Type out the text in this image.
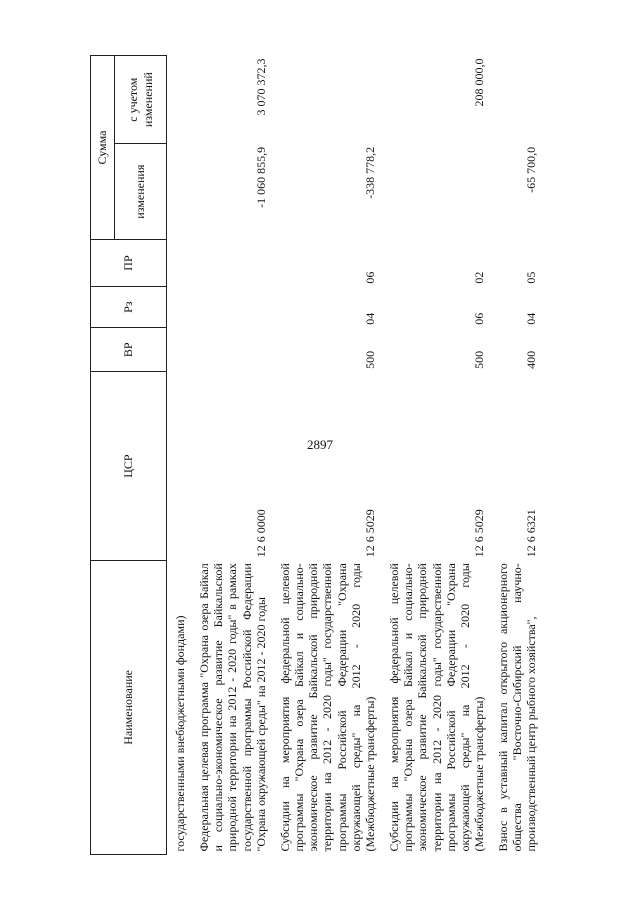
2897
Наименование	ЦСР	ВР	Рз	ПР	Сумма	
					изменения	с учетом изменений
государственными внебюджетными фондами)						
Федеральная целевая программа "Охрана озера Байкал и социально-экономическое развитие Байкальской природной территории на 2012 - 2020 годы" в рамках государственной программы Российской Федерации "Охрана окружающей среды" на 2012 - 2020 годы	12 6 0000				-1 060 855,9	3 070 372,3
Субсидии на мероприятия федеральной целевой программы "Охрана озера Байкал и социально-экономическое развитие Байкальской природной территории на 2012 - 2020 годы" государственной программы Российской Федерации "Охрана окружающей среды" на 2012 - 2020 годы (Межбюджетные трансферты)	12 6 5029	500	04	06	-338 778,2	
Субсидии на мероприятия федеральной целевой программы "Охрана озера Байкал и социально-экономическое развитие Байкальской природной территории на 2012 - 2020 годы" государственной программы Российской Федерации "Охрана окружающей среды" на 2012 - 2020 годы (Межбюджетные трансферты)	12 6 5029	500	06	02		208 000,0
Взнос в уставный капитал открытого акционерного общества "Восточно-Сибирский научно-производственный центр рыбного хозяйства",	12 6 6321	400	04	05	-65 700,0	
